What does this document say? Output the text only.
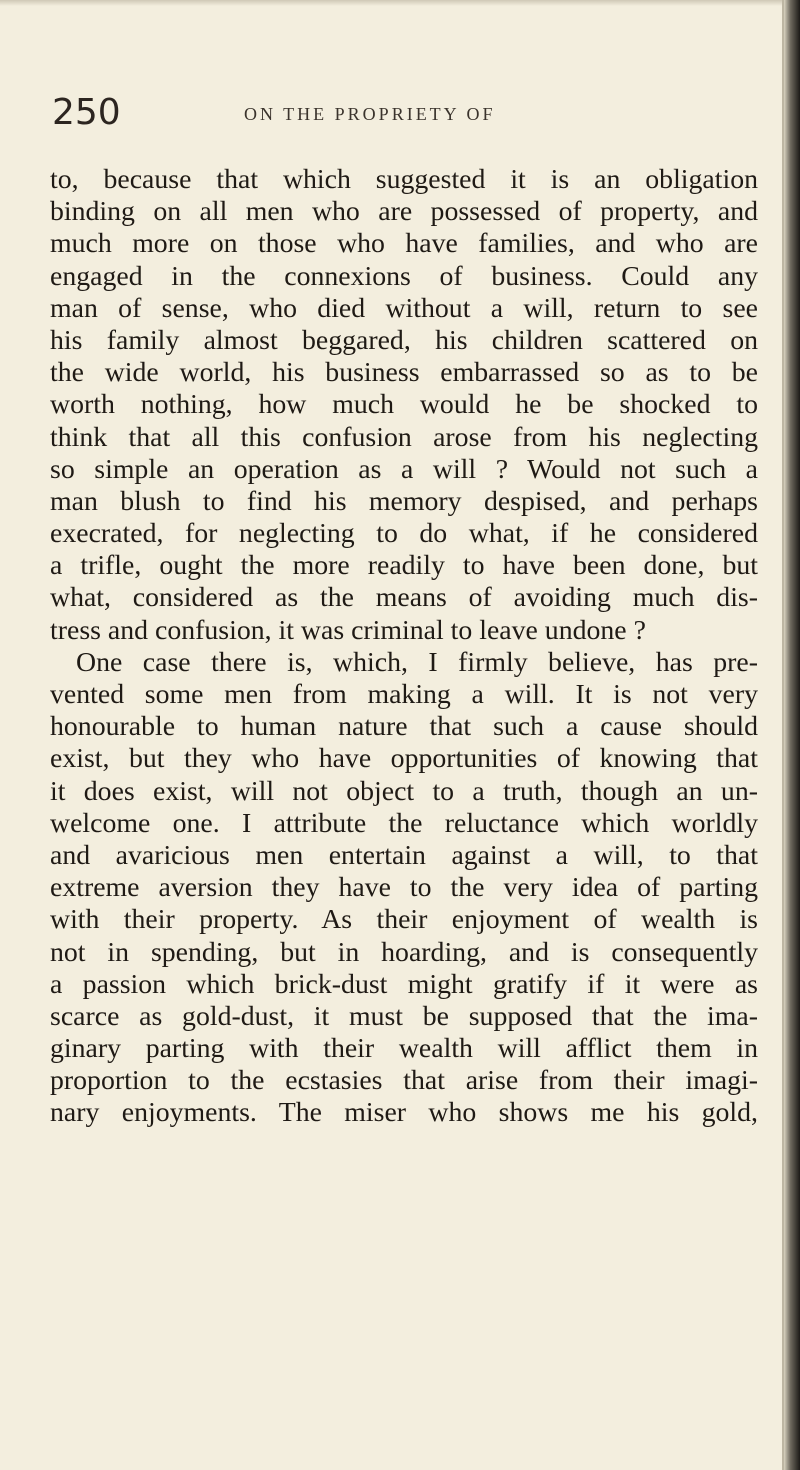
250	ON THE PROPRIETY OF
to, because that which suggested it is an obligation
binding on all men who are possessed of property, and
much more on those who have families, and who are
engaged in the connexions of business. Could any
man of sense, who died without a will, return to see
his family almost beggared, his children scattered on
the wide world, his business embarrassed so as to be
worth nothing, how much would he be shocked to
think that all this confusion arose from his neglecting
so simple an operation as a will ? Would not such a
man blush to find his memory despised, and perhaps
execrated, for neglecting to do what, if he considered
a trifle, ought the more readily to have been done, but
what, considered as the means of avoiding much dis-
tress and confusion, it was criminal to leave undone ?
One case there is, which, I firmly believe, has pre-
vented some men from making a will. It is not very
honourable to human nature that such a cause should
exist, but they who have opportunities of knowing that
it does exist, will not object to a truth, though an un-
welcome one. I attribute the reluctance which worldly
and avaricious men entertain against a will, to that
extreme aversion they have to the very idea of parting
with their property. As their enjoyment of wealth is
not in spending, but in hoarding, and is consequently
a passion which brick-dust might gratify if it were as
scarce as gold-dust, it must be supposed that the ima-
ginary parting with their wealth will afflict them in
proportion to the ecstasies that arise from their imagi-
nary enjoyments. The miser who shows me his gold,
